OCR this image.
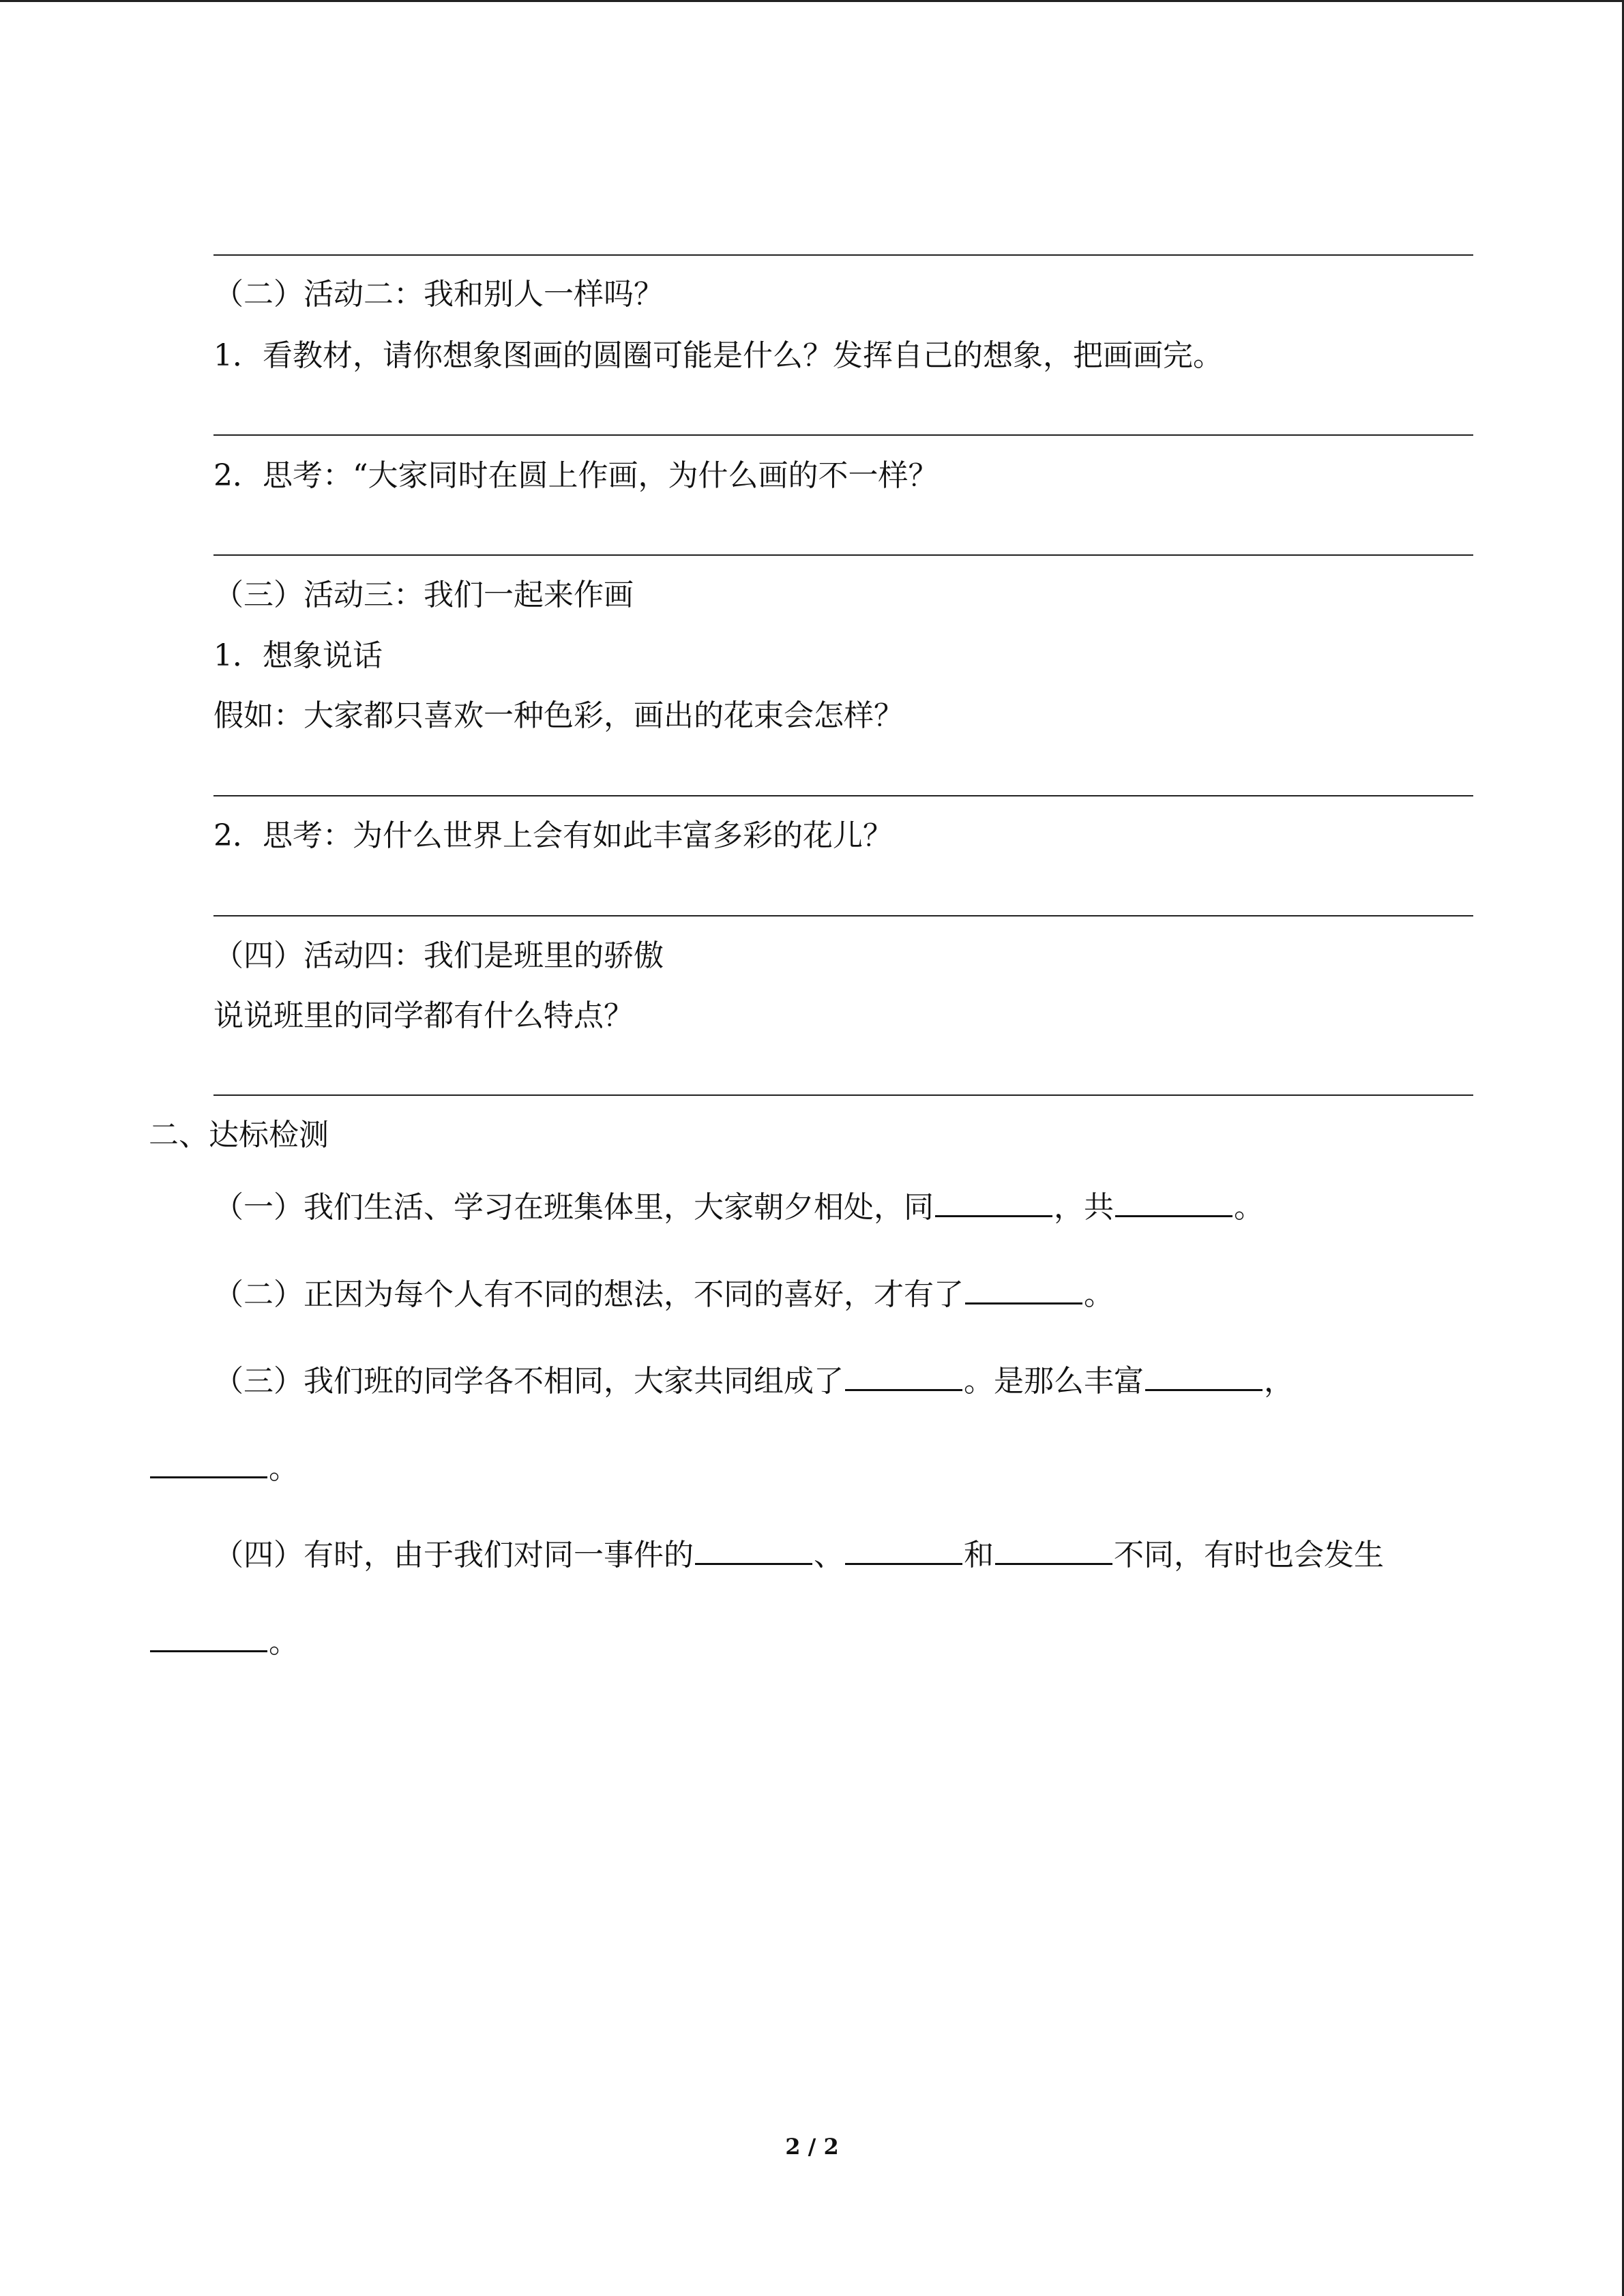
（二）活动二：我和别人一样吗？
1．看教材，请你想象图画的圆圈可能是什么？发挥自己的想象，把画画完。
2．思考：“大家同时在圆上作画，为什么画的不一样？
（三）活动三：我们一起来作画
1．想象说话
假如：大家都只喜欢一种色彩，画出的花束会怎样？
2．思考：为什么世界上会有如此丰富多彩的花儿？
（四）活动四：我们是班里的骄傲
说说班里的同学都有什么特点？
二、达标检测
（一）我们生活、学习在班集体里，大家朝夕相处，同	，共	。
（二）正因为每个人有不同的想法，不同的喜好，才有了	。
（三）我们班的同学各不相同，大家共同组成了	。是那么丰富	，
。
（四）有时，由于我们对同一事件的	、	和	不同，有时也会发生
。
2 / 2
